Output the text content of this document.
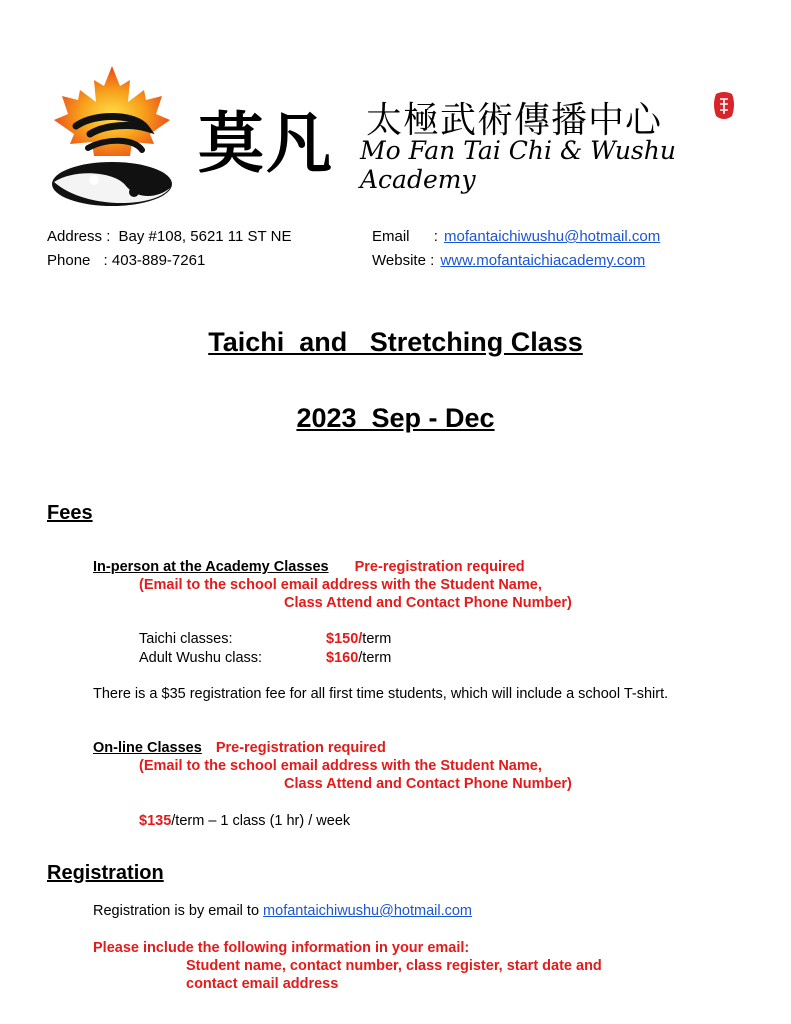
莫凡 太極武術傳播中心
Mo Fan Tai Chi & Wushu Academy
Address : Bay #108, 5621 11 ST NE
Phone : 403-889-7261
Email : mofantaichiwushu@hotmail.com
Website : www.mofantaichiacademy.com
Taichi  and   Stretching Class
2023  Sep - Dec
Fees
In-person at the Academy Classes Pre-registration required
(Email to the school email address with the Student Name,
Class Attend and Contact Phone Number)
Taichi classes:	$150/term
Adult Wushu class:	$160/term
There is a $35 registration fee for all first time students, which will include a school T-shirt.
On-line Classes Pre-registration required
(Email to the school email address with the Student Name,
Class Attend and Contact Phone Number)
$135/term – 1 class (1 hr) / week
Registration
Registration is by email to mofantaichiwushu@hotmail.com
Please include the following information in your email:
Student name, contact number, class register, start date and
contact email address
